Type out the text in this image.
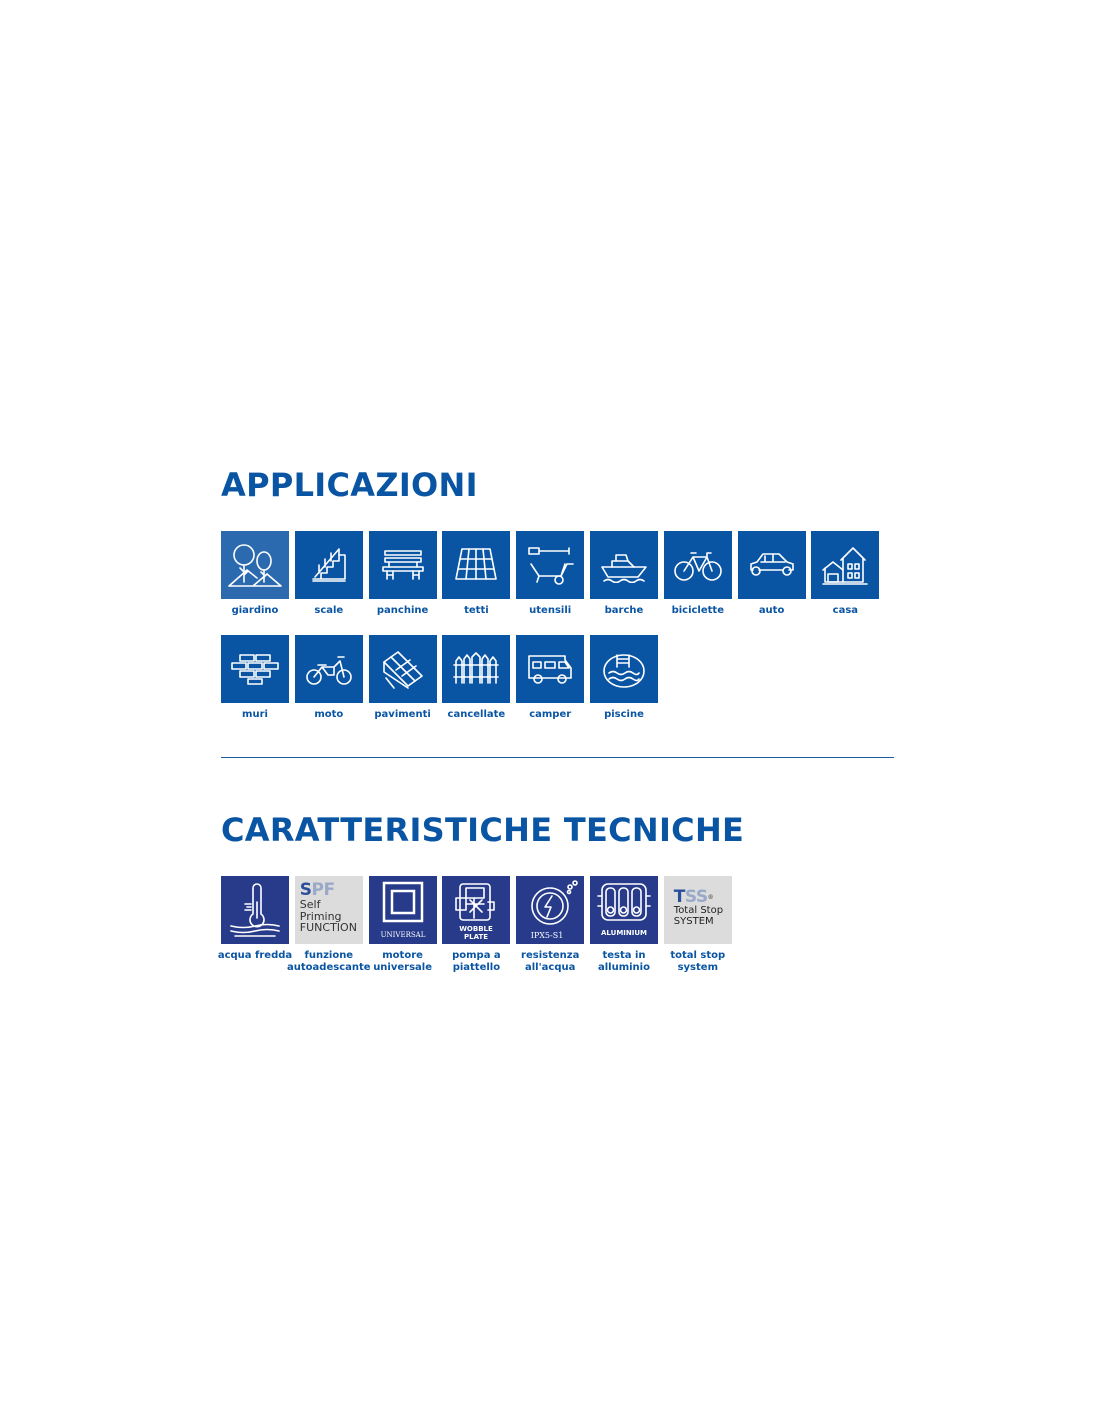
APPLICAZIONI
giardino	scale	panchine	tetti	utensili	barche	biciclette	auto	casa
muri	moto	pavimenti	cancellate	camper	piscine
CARATTERISTICHE TECNICHE
acqua fredda
SPF
Self
Priming
FUNCTION
funzione
autoadescante
UNIVERSAL
motore
universale
WOBBLE
PLATE
pompa a
piattello
IPX5-S1
resistenza
all'acqua
ALUMINIUM
testa in
alluminio
TSS®
Total Stop
SYSTEM
total stop
system
